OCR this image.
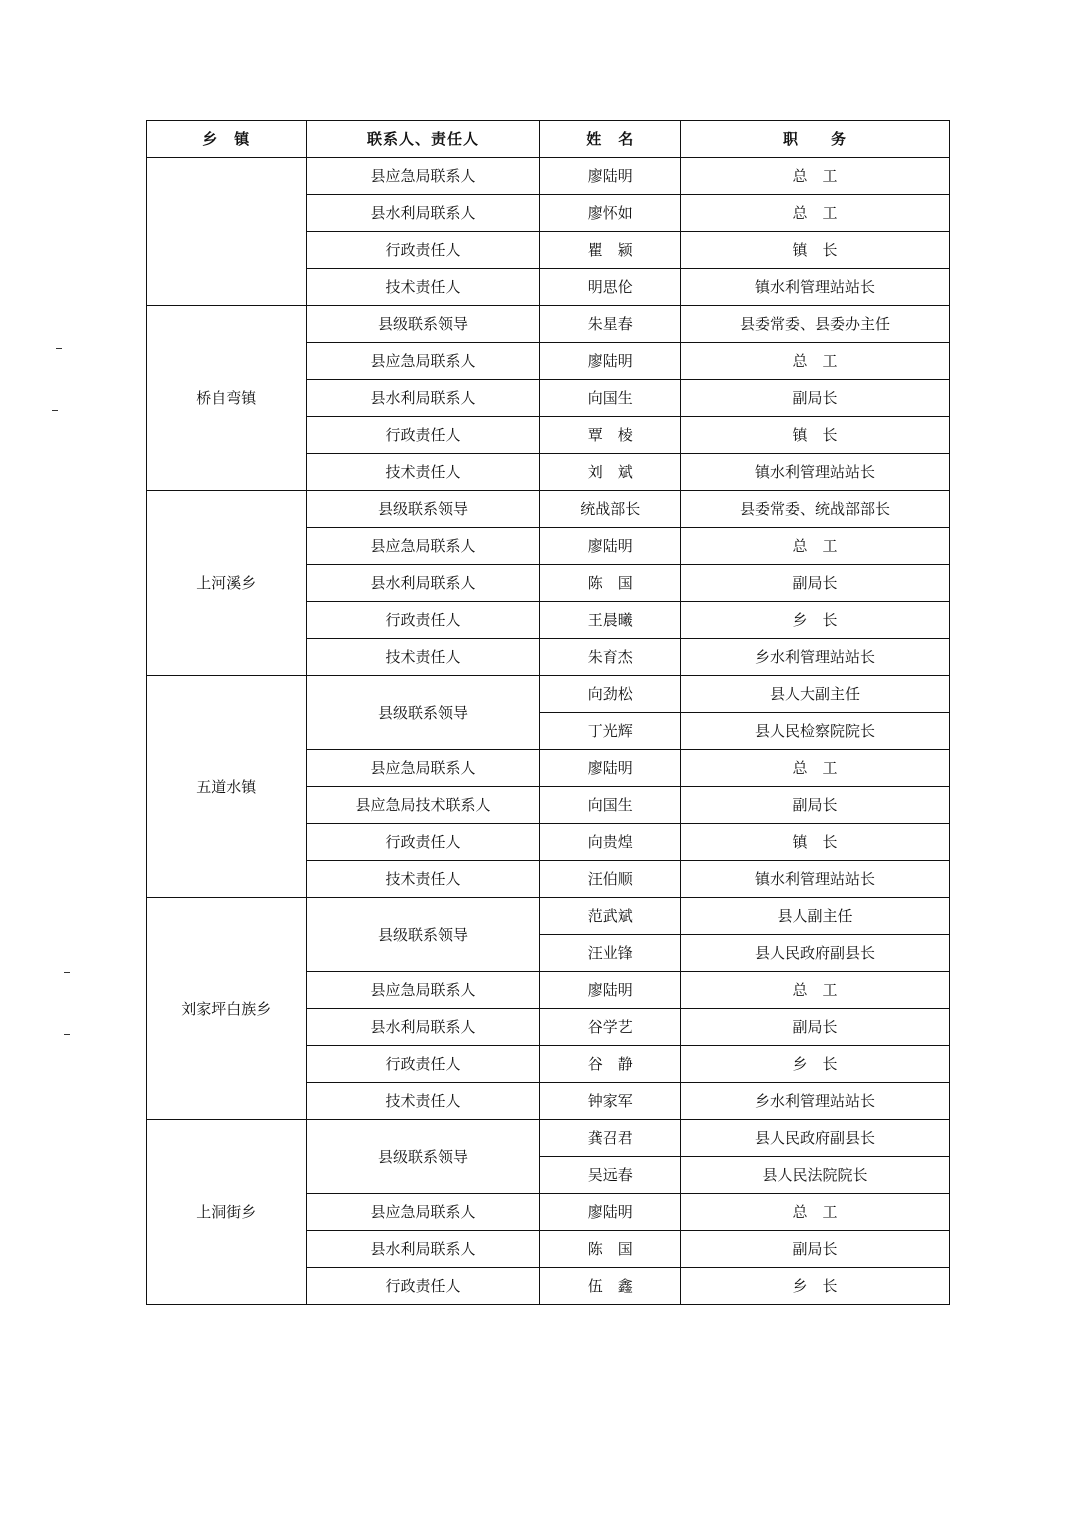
乡　镇	联系人、责任人	姓　名	职　　务
	县应急局联系人	廖陆明	总　工
	县水利局联系人	廖怀如	总　工
	行政责任人	瞿　颍	镇　长
	技术责任人	明思伦	镇水利管理站站长
桥自弯镇	县级联系领导	朱星春	县委常委、县委办主任
	县应急局联系人	廖陆明	总　工
	县水利局联系人	向国生	副局长
	行政责任人	覃　棱	镇　长
	技术责任人	刘　斌	镇水利管理站站长
上河溪乡	县级联系领导	统战部长	县委常委、统战部部长
	县应急局联系人	廖陆明	总　工
	县水利局联系人	陈　国	副局长
	行政责任人	王晨曦	乡　长
	技术责任人	朱育杰	乡水利管理站站长
五道水镇	县级联系领导	向劲松	县人大副主任
		丁光辉	县人民检察院院长
	县应急局联系人	廖陆明	总　工
	县应急局技术联系人	向国生	副局长
	行政责任人	向贵煌	镇　长
	技术责任人	汪伯顺	镇水利管理站站长
刘家坪白族乡	县级联系领导	范武斌	县人副主任
		汪业锋	县人民政府副县长
	县应急局联系人	廖陆明	总　工
	县水利局联系人	谷学艺	副局长
	行政责任人	谷　静	乡　长
	技术责任人	钟家军	乡水利管理站站长
上洞街乡	县级联系领导	龚召君	县人民政府副县长
		吴远春	县人民法院院长
	县应急局联系人	廖陆明	总　工
	县水利局联系人	陈　国	副局长
	行政责任人	伍　鑫	乡　长
